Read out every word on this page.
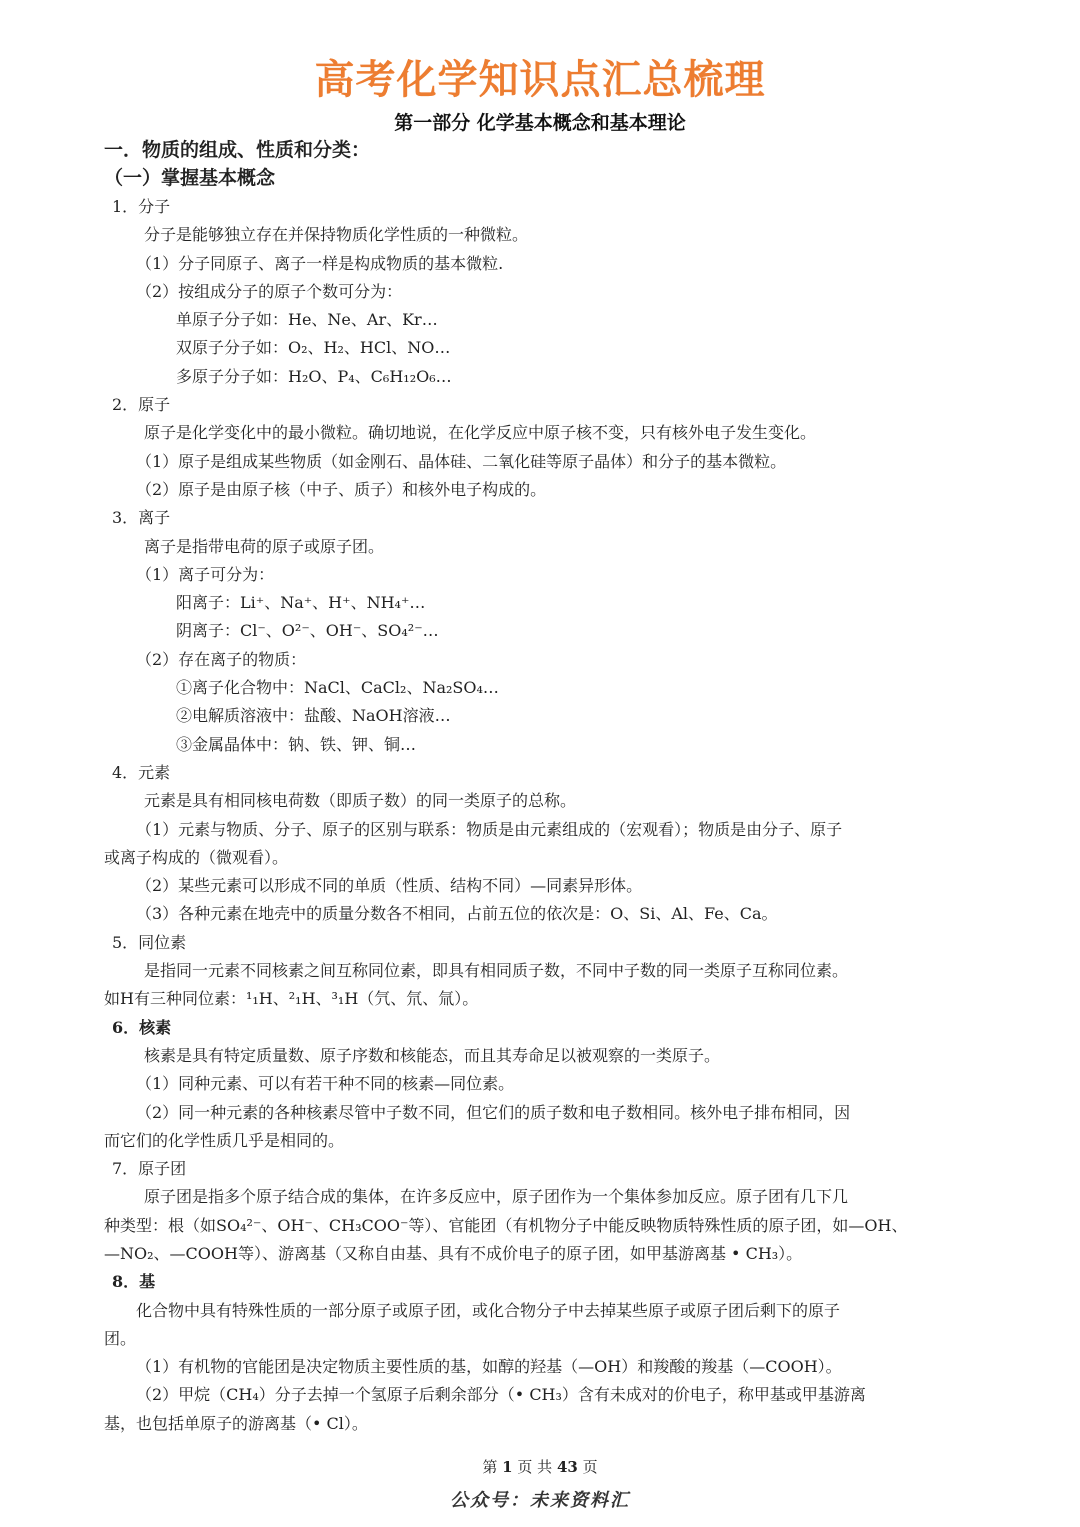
高考化学知识点汇总梳理
第一部分 化学基本概念和基本理论
一．物质的组成、性质和分类：
（一）掌握基本概念
1．分子
分子是能够独立存在并保持物质化学性质的一种微粒。
（1）分子同原子、离子一样是构成物质的基本微粒.
（2）按组成分子的原子个数可分为：
单原子分子如：He、Ne、Ar、Kr…
双原子分子如：O₂、H₂、HCl、NO…
多原子分子如：H₂O、P₄、C₆H₁₂O₆…
2．原子
原子是化学变化中的最小微粒。确切地说，在化学反应中原子核不变，只有核外电子发生变化。
（1）原子是组成某些物质（如金刚石、晶体硅、二氧化硅等原子晶体）和分子的基本微粒。
（2）原子是由原子核（中子、质子）和核外电子构成的。
3．离子
离子是指带电荷的原子或原子团。
（1）离子可分为：
阳离子：Li⁺、Na⁺、H⁺、NH₄⁺…
阴离子：Cl⁻、O²⁻、OH⁻、SO₄²⁻…
（2）存在离子的物质：
①离子化合物中：NaCl、CaCl₂、Na₂SO₄…
②电解质溶液中：盐酸、NaOH溶液…
③金属晶体中：钠、铁、钾、铜…
4．元素
元素是具有相同核电荷数（即质子数）的同一类原子的总称。
（1）元素与物质、分子、原子的区别与联系：物质是由元素组成的（宏观看）；物质是由分子、原子
或离子构成的（微观看）。
（2）某些元素可以形成不同的单质（性质、结构不同）—同素异形体。
（3）各种元素在地壳中的质量分数各不相同，占前五位的依次是：O、Si、Al、Fe、Ca。
5．同位素
是指同一元素不同核素之间互称同位素，即具有相同质子数，不同中子数的同一类原子互称同位素。
如H有三种同位素：¹₁H、²₁H、³₁H（氕、氘、氚）。
6．核素
核素是具有特定质量数、原子序数和核能态，而且其寿命足以被观察的一类原子。
（1）同种元素、可以有若干种不同的核素—同位素。
（2）同一种元素的各种核素尽管中子数不同，但它们的质子数和电子数相同。核外电子排布相同，因
而它们的化学性质几乎是相同的。
7．原子团
原子团是指多个原子结合成的集体，在许多反应中，原子团作为一个集体参加反应。原子团有几下几
种类型：根（如SO₄²⁻、OH⁻、CH₃COO⁻等）、官能团（有机物分子中能反映物质特殊性质的原子团，如—OH、
—NO₂、—COOH等）、游离基（又称自由基、具有不成价电子的原子团，如甲基游离基 • CH₃）。
8．基
化合物中具有特殊性质的一部分原子或原子团，或化合物分子中去掉某些原子或原子团后剩下的原子
团。
（1）有机物的官能团是决定物质主要性质的基，如醇的羟基（—OH）和羧酸的羧基（—COOH）。
（2）甲烷（CH₄）分子去掉一个氢原子后剩余部分（• CH₃）含有未成对的价电子，称甲基或甲基游离
基，也包括单原子的游离基（• Cl）。
第 1 页 共 43 页
公众号：未来资料汇
